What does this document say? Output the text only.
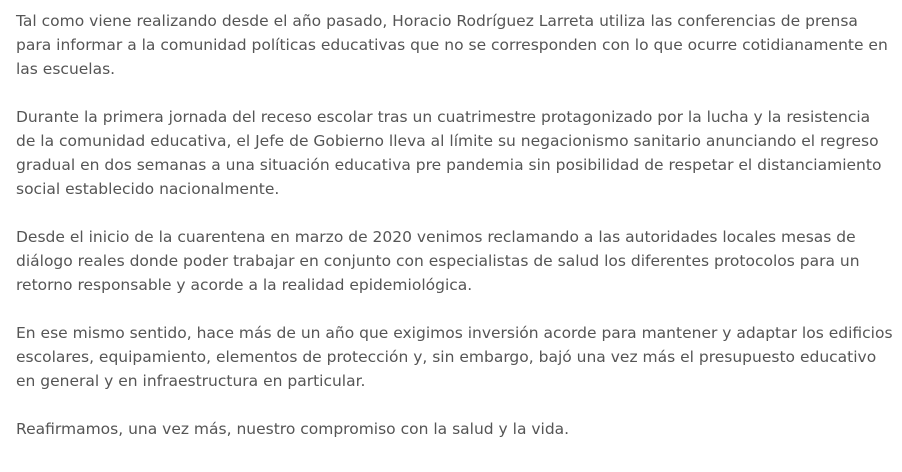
Tal como viene realizando desde el año pasado, Horacio Rodríguez Larreta utiliza las conferencias de prensa para informar a la comunidad políticas educativas que no se corresponden con lo que ocurre cotidianamente en las escuelas.

Durante la primera jornada del receso escolar tras un cuatrimestre protagonizado por la lucha y la resistencia de la comunidad educativa, el Jefe de Gobierno lleva al límite su negacionismo sanitario anunciando el regreso gradual en dos semanas a una situación educativa pre pandemia sin posibilidad de respetar el distanciamiento social establecido nacionalmente.

Desde el inicio de la cuarentena en marzo de 2020 venimos reclamando a las autoridades locales mesas de diálogo reales donde poder trabajar en conjunto con especialistas de salud los diferentes protocolos para un retorno responsable y acorde a la realidad epidemiológica.

En ese mismo sentido, hace más de un año que exigimos inversión acorde para mantener y adaptar los edificios escolares, equipamiento, elementos de protección y, sin embargo, bajó una vez más el presupuesto educativo en general y en infraestructura en particular.

Reafirmamos, una vez más, nuestro compromiso con la salud y la vida.
